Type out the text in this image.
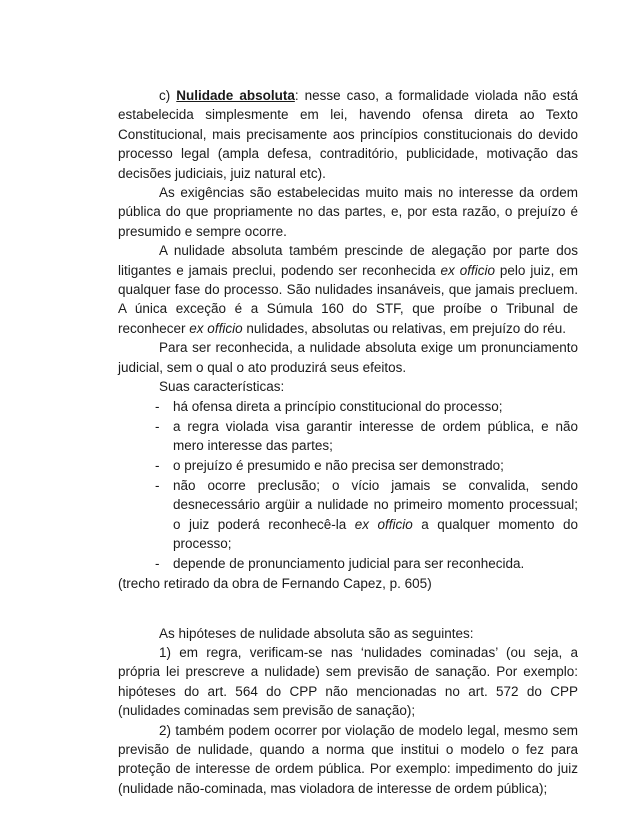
c) Nulidade absoluta: nesse caso, a formalidade violada não está estabelecida simplesmente em lei, havendo ofensa direta ao Texto Constitucional, mais precisamente aos princípios constitucionais do devido processo legal (ampla defesa, contraditório, publicidade, motivação das decisões judiciais, juiz natural etc).

As exigências são estabelecidas muito mais no interesse da ordem pública do que propriamente no das partes, e, por esta razão, o prejuízo é presumido e sempre ocorre.

A nulidade absoluta também prescinde de alegação por parte dos litigantes e jamais preclui, podendo ser reconhecida ex officio pelo juiz, em qualquer fase do processo. São nulidades insanáveis, que jamais precluem. A única exceção é a Súmula 160 do STF, que proíbe o Tribunal de reconhecer ex officio nulidades, absolutas ou relativas, em prejuízo do réu.

Para ser reconhecida, a nulidade absoluta exige um pronunciamento judicial, sem o qual o ato produzirá seus efeitos.

Suas características:

- há ofensa direta a princípio constitucional do processo;
- a regra violada visa garantir interesse de ordem pública, e não mero interesse das partes;
- o prejuízo é presumido e não precisa ser demonstrado;
- não ocorre preclusão; o vício jamais se convalida, sendo desnecessário argüir a nulidade no primeiro momento processual; o juiz poderá reconhecê-la ex officio a qualquer momento do processo;
- depende de pronunciamento judicial para ser reconhecida.

(trecho retirado da obra de Fernando Capez, p. 605)

As hipóteses de nulidade absoluta são as seguintes:

1) em regra, verificam-se nas ‘nulidades cominadas’ (ou seja, a própria lei prescreve a nulidade) sem previsão de sanação. Por exemplo: hipóteses do art. 564 do CPP não mencionadas no art. 572 do CPP (nulidades cominadas sem previsão de sanação);

2) também podem ocorrer por violação de modelo legal, mesmo sem previsão de nulidade, quando a norma que institui o modelo o fez para proteção de interesse de ordem pública. Por exemplo: impedimento do juiz (nulidade não-cominada, mas violadora de interesse de ordem pública);
